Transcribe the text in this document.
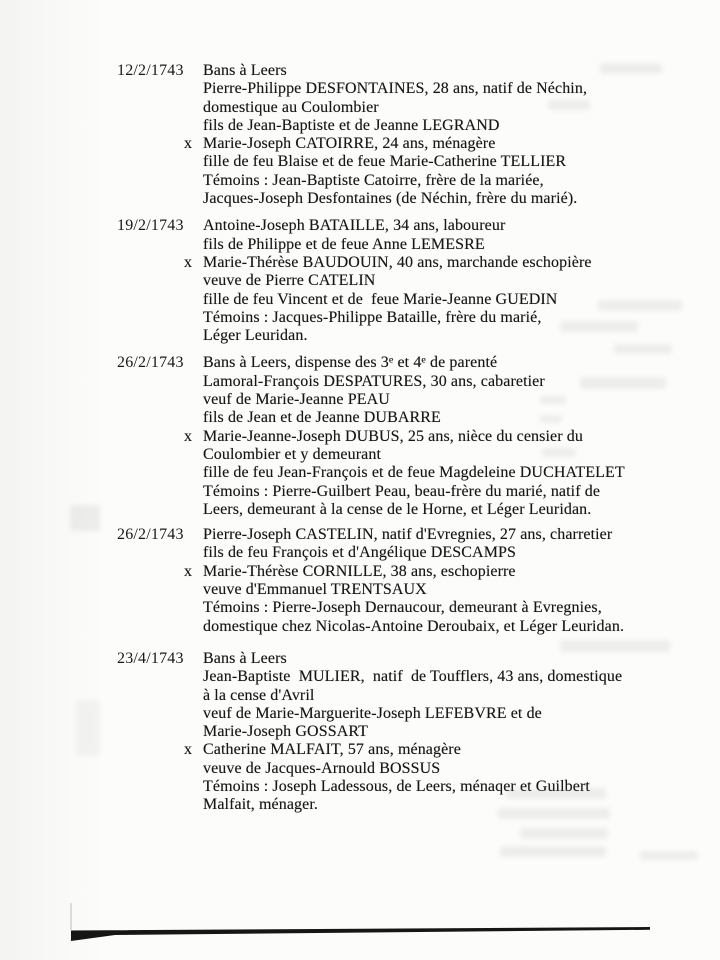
12/2/1743	Bans à Leers
Pierre-Philippe DESFONTAINES, 28 ans, natif de Néchin,
domestique au Coulombier
fils de Jean-Baptiste et de Jeanne LEGRAND
x Marie-Joseph CATOIRRE, 24 ans, ménagère
fille de feu Blaise et de feue Marie-Catherine TELLIER
Témoins : Jean-Baptiste Catoirre, frère de la mariée,
Jacques-Joseph Desfontaines (de Néchin, frère du marié).
19/2/1743	Antoine-Joseph BATAILLE, 34 ans, laboureur
fils de Philippe et de feue Anne LEMESRE
x Marie-Thérèse BAUDOUIN, 40 ans, marchande eschopière
veuve de Pierre CATELIN
fille de feu Vincent et de  feue Marie-Jeanne GUEDIN
Témoins : Jacques-Philippe Bataille, frère du marié,
Léger Leuridan.
26/2/1743	Bans à Leers, dispense des 3e et 4e de parenté
Lamoral-François DESPATURES, 30 ans, cabaretier
veuf de Marie-Jeanne PEAU
fils de Jean et de Jeanne DUBARRE
x Marie-Jeanne-Joseph DUBUS, 25 ans, nièce du censier du
Coulombier et y demeurant
fille de feu Jean-François et de feue Magdeleine DUCHATELET
Témoins : Pierre-Guilbert Peau, beau-frère du marié, natif de
Leers, demeurant à la cense de le Horne, et Léger Leuridan.
26/2/1743	Pierre-Joseph CASTELIN, natif d'Evregnies, 27 ans, charretier
fils de feu François et d'Angélique DESCAMPS
x Marie-Thérèse CORNILLE, 38 ans, eschopierre
veuve d'Emmanuel TRENTSAUX
Témoins : Pierre-Joseph Dernaucour, demeurant à Evregnies,
domestique chez Nicolas-Antoine Deroubaix, et Léger Leuridan.
23/4/1743	Bans à Leers
Jean-Baptiste  MULIER,  natif  de Toufflers, 43 ans, domestique
à la cense d'Avril
veuf de Marie-Marguerite-Joseph LEFEBVRE et de
Marie-Joseph GOSSART
x Catherine MALFAIT, 57 ans, ménagère
veuve de Jacques-Arnould BOSSUS
Témoins : Joseph Ladessous, de Leers, ménaqer et Guilbert
Malfait, ménager.
